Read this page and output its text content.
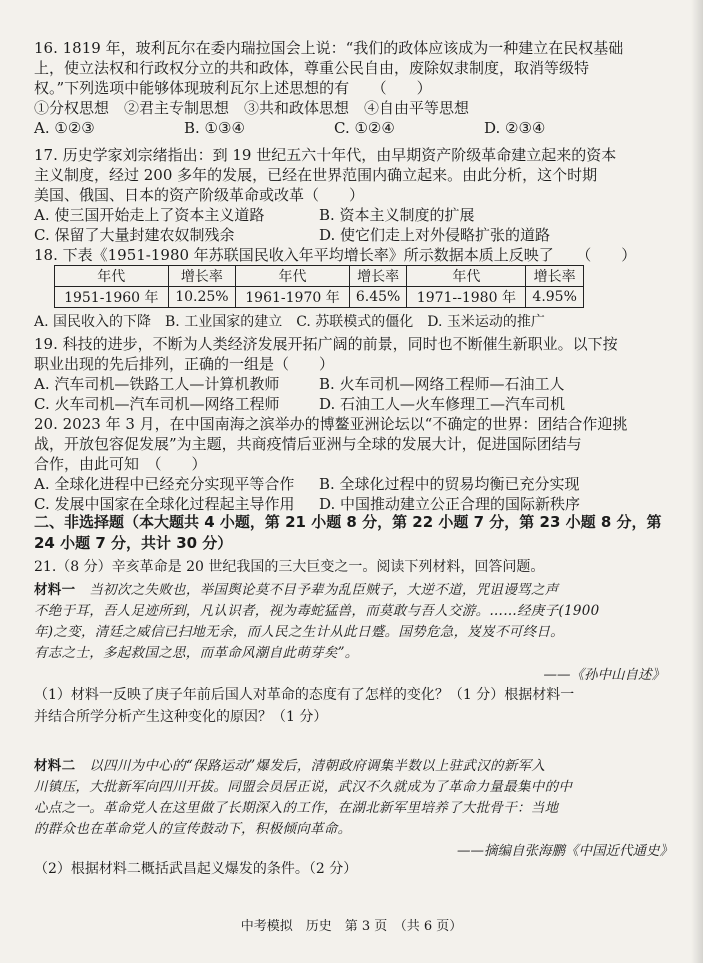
16. 1819 年，玻利瓦尔在委内瑞拉国会上说：“我们的政体应该成为一种建立在民权基础
上，使立法权和行政权分立的共和政体，尊重公民自由，废除奴隶制度，取消等级特
权。”下列选项中能够体现玻利瓦尔上述思想的有　　（　　）
①分权思想　②君主专制思想　③共和政体思想　④自由平等思想
A. ①②③	B. ①③④	C. ①②④	D. ②③④
17. 历史学家刘宗绪指出：到 19 世纪五六十年代，由早期资产阶级革命建立起来的资本
主义制度，经过 200 多年的发展，已经在世界范围内确立起来。由此分析，这个时期
美国、俄国、日本的资产阶级革命或改革（　　）
A. 使三国开始走上了资本主义道路	B. 资本主义制度的扩展
C. 保留了大量封建农奴制残余	D. 使它们走上对外侵略扩张的道路
18. 下表《1951-1980 年苏联国民收入年平均增长率》所示数据本质上反映了　　（　　）
年代	增长率	年代	增长率	年代	增长率
1951-1960 年	10.25%	1961-1970 年	6.45%	1971--1980 年	4.95%
A. 国民收入的下降　B. 工业国家的建立　C. 苏联模式的僵化　D. 玉米运动的推广
19. 科技的进步，不断为人类经济发展开拓广阔的前景，同时也不断催生新职业。以下按
职业出现的先后排列，正确的一组是（　　）
A. 汽车司机—铁路工人—计算机教师	B. 火车司机—网络工程师—石油工人
C. 火车司机—汽车司机—网络工程师	D. 石油工人—火车修理工—汽车司机
20. 2023 年 3 月，在中国南海之滨举办的博鳌亚洲论坛以“不确定的世界：团结合作迎挑
战，开放包容促发展”为主题，共商疫情后亚洲与全球的发展大计，促进国际团结与
合作，由此可知　（　　）
A. 全球化进程中已经充分实现平等合作	B. 全球化过程中的贸易均衡已充分实现
C. 发展中国家在全球化过程起主导作用	D. 中国推动建立公正合理的国际新秩序
二、非选择题（本大题共 4 小题，第 21 小题 8 分，第 22 小题 7 分，第 23 小题 8 分，第
24 小题 7 分，共计 30 分）
21.（8 分）辛亥革命是 20 世纪我国的三大巨变之一。阅读下列材料，回答问题。
材料一　 当初次之失败也，举国舆论莫不目予辈为乱臣贼子，大逆不道，咒诅谩骂之声
不绝于耳，吾人足迹所到，凡认识者，视为毒蛇猛兽，而莫敢与吾人交游。……经庚子(1900
年)之变，清廷之威信已扫地无余，而人民之生计从此日蹙。国势危急，岌岌不可终日。
有志之士，多起救国之思，而革命风潮自此萌芽矣”。
——《孙中山自述》
（1）材料一反映了庚子年前后国人对革命的态度有了怎样的变化？（1 分）根据材料一
并结合所学分析产生这种变化的原因？（1 分）
材料二　 以四川为中心的“保路运动”爆发后，清朝政府调集半数以上驻武汉的新军入
川镇压，大批新军向四川开拔。同盟会员居正说，武汉不久就成为了革命力量最集中的中
心点之一。革命党人在这里做了长期深入的工作，在湖北新军里培养了大批骨干：当地
的群众也在革命党人的宣传鼓动下，积极倾向革命。
——摘编自张海鹏《中国近代通史》
（2）根据材料二概括武昌起义爆发的条件。（2 分）
中考模拟　历史　第 3 页　（共 6 页）
